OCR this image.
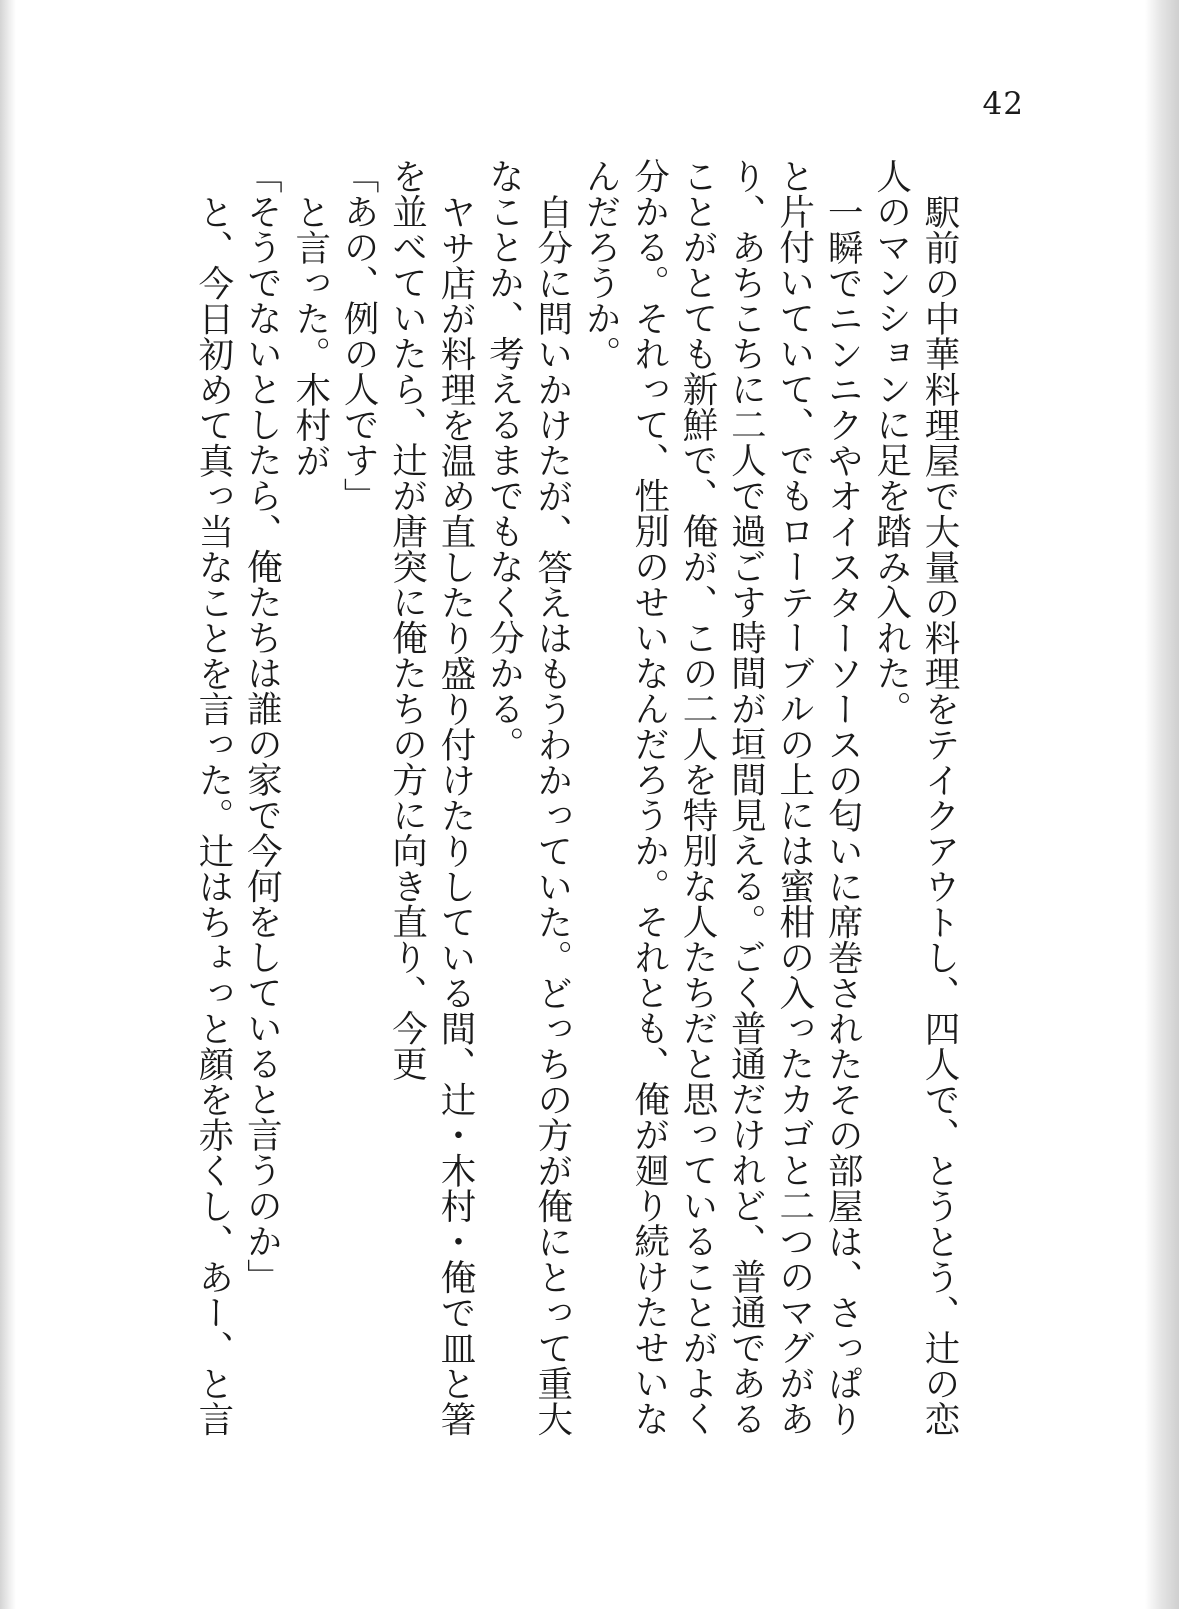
42

駅前の中華料理屋で大量の料理をテイクアウトし、四人で、とうとう、辻の恋人のマンションに足を踏み入れた。

一瞬でニンニクやオイスターソースの匂いに席巻されたその部屋は、さっぱりと片付いていて、でもローテーブルの上には蜜柑の入ったカゴと二つのマグがあり、あちこちに二人で過ごす時間が垣間見える。ごく普通だけれど、普通であることがとても新鮮で、俺が、この二人を特別な人たちだと思っていることがよく分かる。それって、性別のせいなんだろうか。それとも、俺が廻り続けたせいなんだろうか。

自分に問いかけたが、答えはもうわかっていた。どっちの方が俺にとって重大なことか、考えるまでもなく分かる。

ヤサ店が料理を温め直したり盛り付けたりしている間、辻・木村・俺で皿と箸を並べていたら、辻が唐突に俺たちの方に向き直り、今更

「あの、例の人です」

と言った。木村が

「そうでないとしたら、俺たちは誰の家で今何をしていると言うのか」

と、今日初めて真っ当なことを言った。辻はちょっと顔を赤くし、あー、と言
